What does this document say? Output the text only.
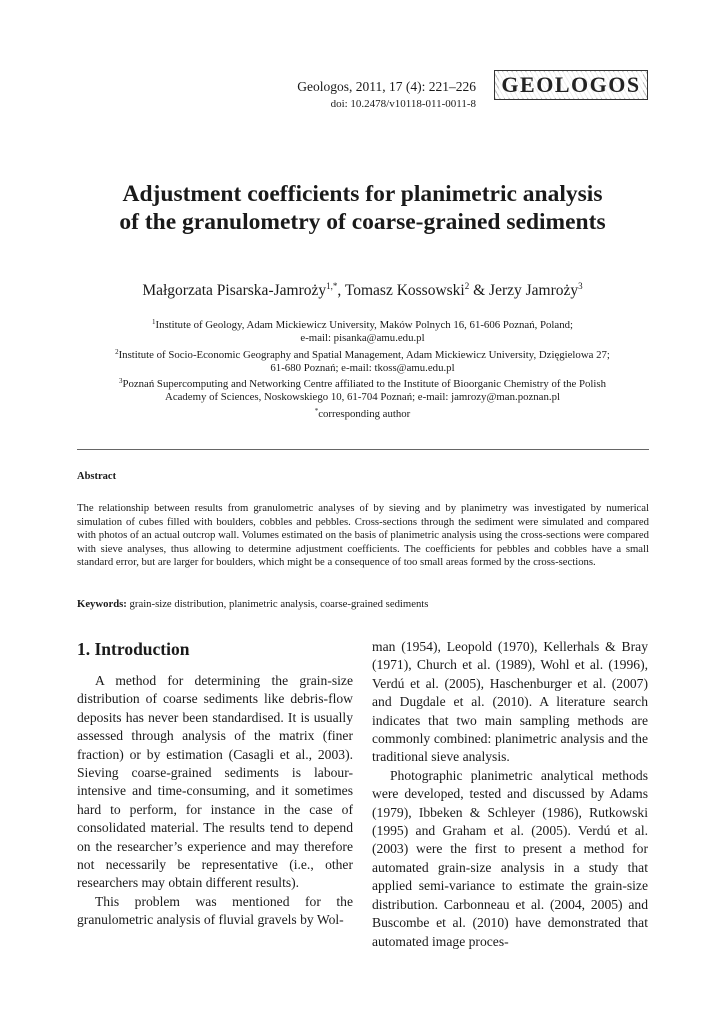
Geologos, 2011, 17 (4): 221–226
doi: 10.2478/v10118-011-0011-8
GEOLOGOS
Adjustment coefficients for planimetric analysis
of the granulometry of coarse-grained sediments
Małgorzata Pisarska-Jamroży$^{1,*}$, Tomasz Kossowski$^2$ & Jerzy Jamroży$^3$
$^1$Institute of Geology, Adam Mickiewicz University, Maków Polnych 16, 61-606 Poznań, Poland;
e-mail: pisanka@amu.edu.pl
$^2$Institute of Socio-Economic Geography and Spatial Management, Adam Mickiewicz University, Dzięgielowa 27;
61-680 Poznań; e-mail: tkoss@amu.edu.pl
$^3$Poznań Supercomputing and Networking Centre affiliated to the Institute of Bioorganic Chemistry of the Polish
Academy of Sciences, Noskowskiego 10, 61-704 Poznań; e-mail: jamrozy@man.poznan.pl
*corresponding author
Abstract

The relationship between results from granulometric analyses of by sieving and by planimetry was investigated by numerical simulation of cubes filled with boulders, cobbles and pebbles. Cross-sections through the sediment were simulated and compared with photos of an actual outcrop wall. Volumes estimated on the basis of planimetric analysis using the cross-sections were compared with sieve analyses, thus allowing to determine adjustment coefficients. The coefficients for pebbles and cobbles have a small standard error, but are larger for boulders, which might be a consequence of too small areas formed by the cross-sections.

Keywords: grain-size distribution, planimetric analysis, coarse-grained sediments
1. Introduction

A method for determining the grain-size distribution of coarse sediments like debris-flow deposits has never been standardised. It is usually assessed through analysis of the matrix (finer fraction) or by estimation (Casagli et al., 2003). Sieving coarse-grained sediments is labour-intensive and time-consuming, and it sometimes hard to perform, for instance in the case of consolidated material. The results tend to depend on the researcher’s experience and may therefore not necessarily be representative (i.e., other researchers may obtain different results).

This problem was mentioned for the granulometric analysis of fluvial gravels by Wol-

man (1954), Leopold (1970), Kellerhals & Bray (1971), Church et al. (1989), Wohl et al. (1996), Verdú et al. (2005), Haschenburger et al. (2007) and Dugdale et al. (2010). A literature search indicates that two main sampling methods are commonly combined: planimetric analysis and the traditional sieve analysis.

Photographic planimetric analytical methods were developed, tested and discussed by Adams (1979), Ibbeken & Schleyer (1986), Rutkowski (1995) and Graham et al. (2005). Verdú et al. (2003) were the first to present a method for automated grain-size analysis in a study that applied semi-variance to estimate the grain-size distribution. Carbonneau et al. (2004, 2005) and Buscombe et al. (2010) have demonstrated that automated image proces-
